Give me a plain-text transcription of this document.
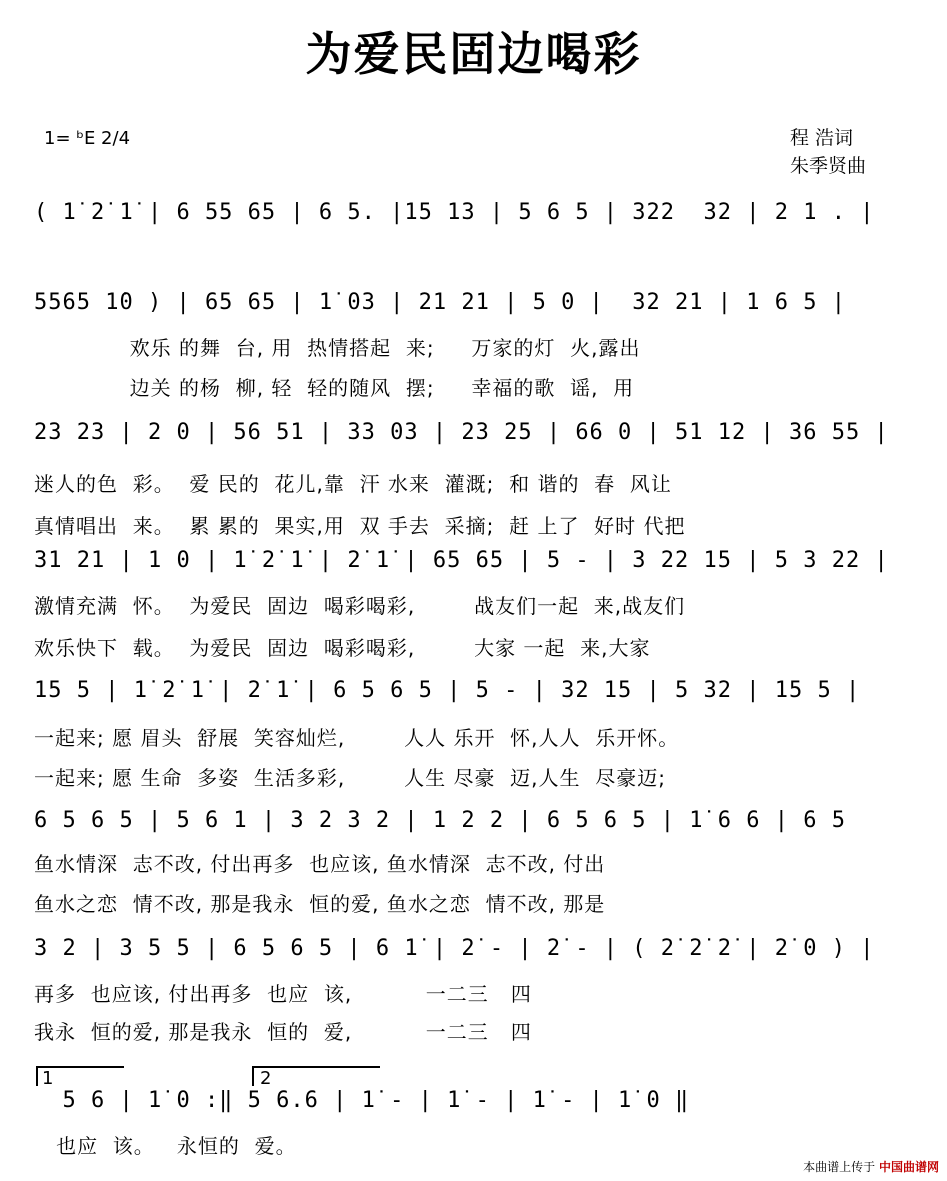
为爱民固边喝彩
1= ᵇE 2/4	程 浩词
朱季贤曲
( 1̇ 2̇ 1̇ | 6 55 65 | 6 5. |15 13 | 5 6 5 | 322  32 | 2 1 . |
5565 1̇0 ) | 65 65 | 1̇ 03 | 21 21 | 5 0 |  32 21 | 1 6 5 |
欢乐 的舞  台, 用  热情搭起  来;     万家的灯  火,露出
边关 的杨  柳, 轻  轻的随风  摆;     幸福的歌  谣,  用
23 23 | 2 0 | 56 51 | 33 03 | 23 25 | 66 0 | 51 12 | 36 55 |
迷人的色  彩。  爱 民的  花儿,靠  汗 水来  灌溉;  和 谐的  春  风让
真情唱出  来。  累 累的  果实,用  双 手去  采摘;  赶 上了  好时 代把
31 21 | 1 0 | 1̇ 2̇ 1̇ | 2̇ 1̇ | 65 65 | 5 - | 3 22 15 | 5 3 22 |
激情充满  怀。  为爱民  固边  喝彩喝彩,        战友们一起  来,战友们
欢乐快下  载。  为爱民  固边  喝彩喝彩,        大家 一起  来,大家
15 5 | 1̇ 2̇ 1̇ | 2̇ 1̇ | 6 5 6 5 | 5 - | 32 15 | 5 32 | 15 5 |
一起来; 愿 眉头  舒展  笑容灿烂,        人人 乐开  怀,人人  乐开怀。
一起来; 愿 生命  多姿  生活多彩,        人生 尽豪  迈,人生  尽豪迈;
6 5 6 5 | 5 6 1 | 3 2 3 2 | 1 2 2 | 6 5 6 5 | 1̇ 6 6 | 6 5
鱼水情深  志不改, 付出再多  也应该, 鱼水情深  志不改, 付出
鱼水之恋  情不改, 那是我永  恒的爱, 鱼水之恋  情不改, 那是
3 2 | 3 5 5 | 6 5 6 5 | 6 1̇ | 2̇ - | 2̇ - | ( 2̇ 2̇ 2̇ | 2̇ 0 ) |
再多  也应该, 付出再多  也应  该,          一二三   四
我永  恒的爱, 那是我永  恒的  爱,          一二三   四
1	2
5 6 | 1̇ 0 :‖ 5 6.6 | 1̇ - | 1̇ - | 1̇ - | 1̇ 0 ‖
也应  该。   永恒的  爱。
本曲谱上传于 中国曲谱网
